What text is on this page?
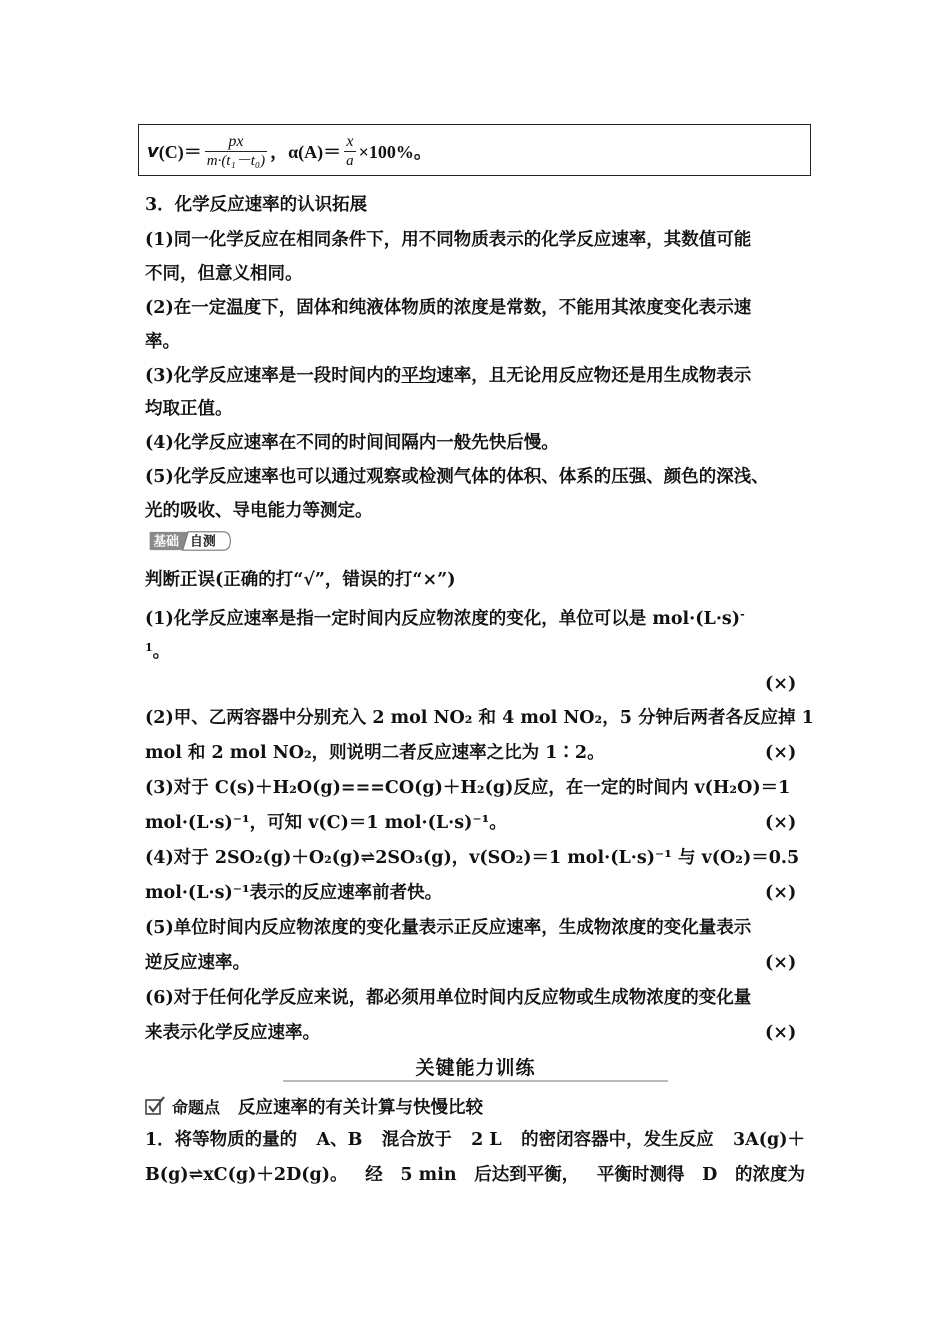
v $(C)= \frac{px}{\text{m·(t₁－t₀)}}$ ，$\alpha(A)= \frac{x}{a} \times 100\%$。
3．化学反应速率的认识拓展
(1)同一化学反应在相同条件下，用不同物质表示的化学反应速率，其数值可能
不同，但意义相同。
(2)在一定温度下，固体和纯液体物质的浓度是常数，不能用其浓度变化表示速
率。
(3)化学反应速率是一段时间内的平均速率，且无论用反应物还是用生成物表示
均取正值。
(4)化学反应速率在不同的时间间隔内一般先快后慢。
(5)化学反应速率也可以通过观察或检测气体的体积、体系的压强、颜色的深浅、
光的吸收、导电能力等测定。
基础 自测
判断正误(正确的打“√”，错误的打“×”)
(1)化学反应速率是指一定时间内反应物浓度的变化，单位可以是 mol·(L·s)-
$^1$。
(×)
(2)甲、乙两容器中分别充入 2 mol NO₂ 和 4 mol NO₂，5 分钟后两者各反应掉 1
mol 和 2 mol NO₂，则说明二者反应速率之比为 1∶2。	(×)
(3)对于 C(s)＋H₂O(g)===CO(g)＋H₂(g)反应，在一定的时间内 v(H₂O)＝1
mol·(L·s)⁻¹，可知 v(C)＝1 mol·(L·s)⁻¹。	(×)
(4)对于 2SO₂(g)＋O₂(g)⇌2SO₃(g)，v(SO₂)＝1 mol·(L·s)⁻¹ 与 v(O₂)＝0.5
mol·(L·s)⁻¹表示的反应速率前者快。	(×)
(5)单位时间内反应物浓度的变化量表示正反应速率，生成物浓度的变化量表示
逆反应速率。	(×)
(6)对于任何化学反应来说，都必须用单位时间内反应物或生成物浓度的变化量
来表示化学反应速率。	(×)
关键能力训练
命题点 反应速率的有关计算与快慢比较
1．将等物质的量的 A、B 混合放于 2 L 的密闭容器中，发生反应 3A(g)＋
B(g)⇌xC(g)＋2D(g)。 经 5 min 后达到平衡， 平衡时测得 D 的浓度为
